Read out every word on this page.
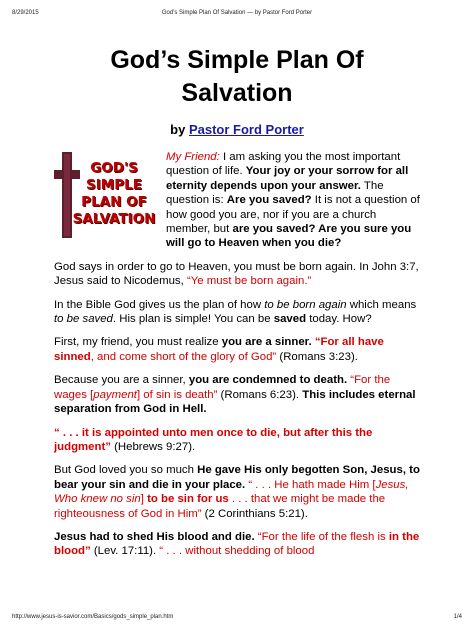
8/29/2015	God's Simple Plan Of Salvation — by Pastor Ford Porter
God’s Simple Plan Of
Salvation
by Pastor Ford Porter
GOD'S
SIMPLE
PLAN OF
SALVATION

My Friend: I am asking you the most important question of life. Your joy or your sorrow for all eternity depends upon your answer. The question is: Are you saved? It is not a question of how good you are, nor if you are a church member, but are you saved? Are you sure you will go to Heaven when you die?

God says in order to go to Heaven, you must be born again. In John 3:7, Jesus said to Nicodemus, “Ye must be born again.”

In the Bible God gives us the plan of how to be born again which means to be saved. His plan is simple! You can be saved today. How?

First, my friend, you must realize you are a sinner. “For all have sinned, and come short of the glory of God” (Romans 3:23).

Because you are a sinner, you are condemned to death. “For the wages [payment] of sin is death” (Romans 6:23). This includes eternal separation from God in Hell.

“ . . . it is appointed unto men once to die, but after this the judgment” (Hebrews 9:27).

But God loved you so much He gave His only begotten Son, Jesus, to bear your sin and die in your place. “ . . . He hath made Him [Jesus, Who knew no sin] to be sin for us . . . that we might be made the righteousness of God in Him” (2 Corinthians 5:21).

Jesus had to shed His blood and die. “For the life of the flesh is in the blood” (Lev. 17:11). “ . . . without shedding of blood

http://www.jesus-is-savior.com/Basics/gods_simple_plan.htm	1/4
